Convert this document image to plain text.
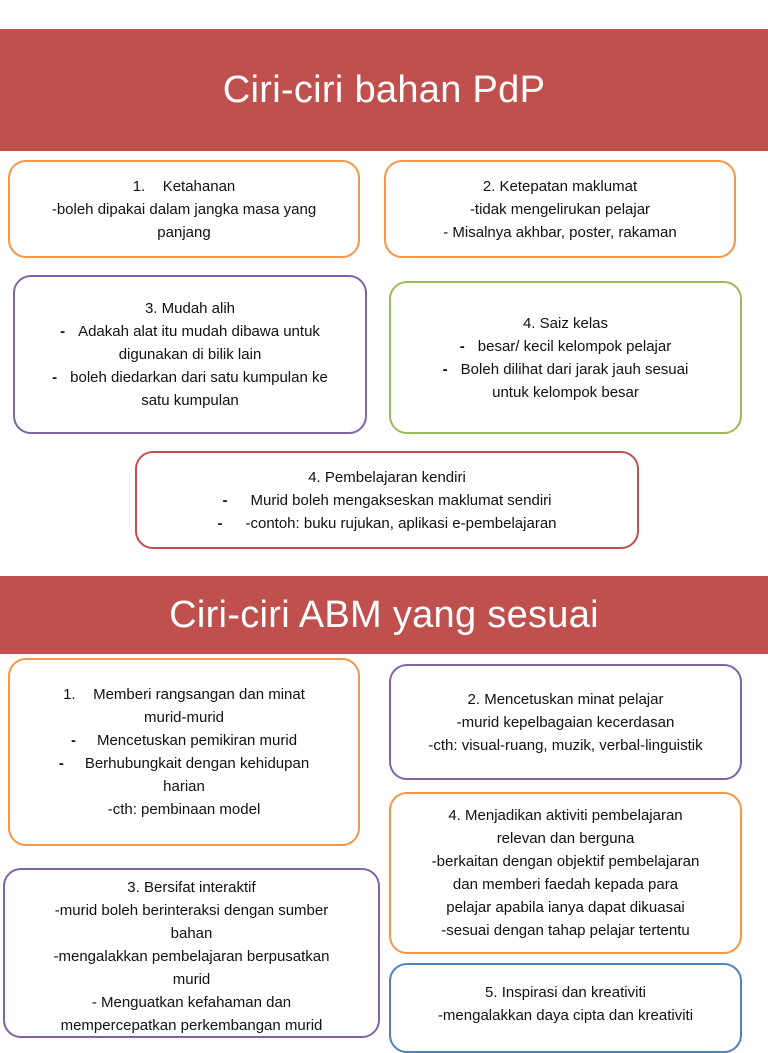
Ciri-ciri bahan PdP
1.	Ketahanan
-boleh dipakai dalam jangka masa yang
panjang
2. Ketepatan maklumat
-tidak mengelirukan pelajar
- Misalnya akhbar, poster, rakaman
3. Mudah alih
- Adakah alat itu mudah dibawa untuk
digunakan di bilik lain
- boleh diedarkan dari satu kumpulan ke
satu kumpulan
4. Saiz kelas
- besar/ kecil kelompok pelajar
- Boleh dilihat dari jarak jauh sesuai
untuk kelompok besar
4. Pembelajaran kendiri
-	Murid boleh mengakseskan maklumat sendiri
-	-contoh: buku rujukan, aplikasi e-pembelajaran
Ciri-ciri ABM yang sesuai
1.	Memberi rangsangan dan minat
murid-murid
-	Mencetuskan pemikiran murid
-	Berhubungkait dengan kehidupan
harian
-cth: pembinaan model
2. Mencetuskan minat pelajar
-murid kepelbagaian kecerdasan
-cth: visual-ruang, muzik, verbal-linguistik
4. Menjadikan aktiviti pembelajaran
relevan dan berguna
-berkaitan dengan objektif pembelajaran
dan memberi faedah kepada para
pelajar apabila ianya dapat dikuasai
-sesuai dengan tahap pelajar tertentu
3. Bersifat interaktif
-murid boleh berinteraksi dengan sumber
bahan
-mengalakkan pembelajaran berpusatkan
murid
- Menguatkan kefahaman dan
mempercepatkan perkembangan murid
5. Inspirasi dan kreativiti
-mengalakkan daya cipta dan kreativiti
